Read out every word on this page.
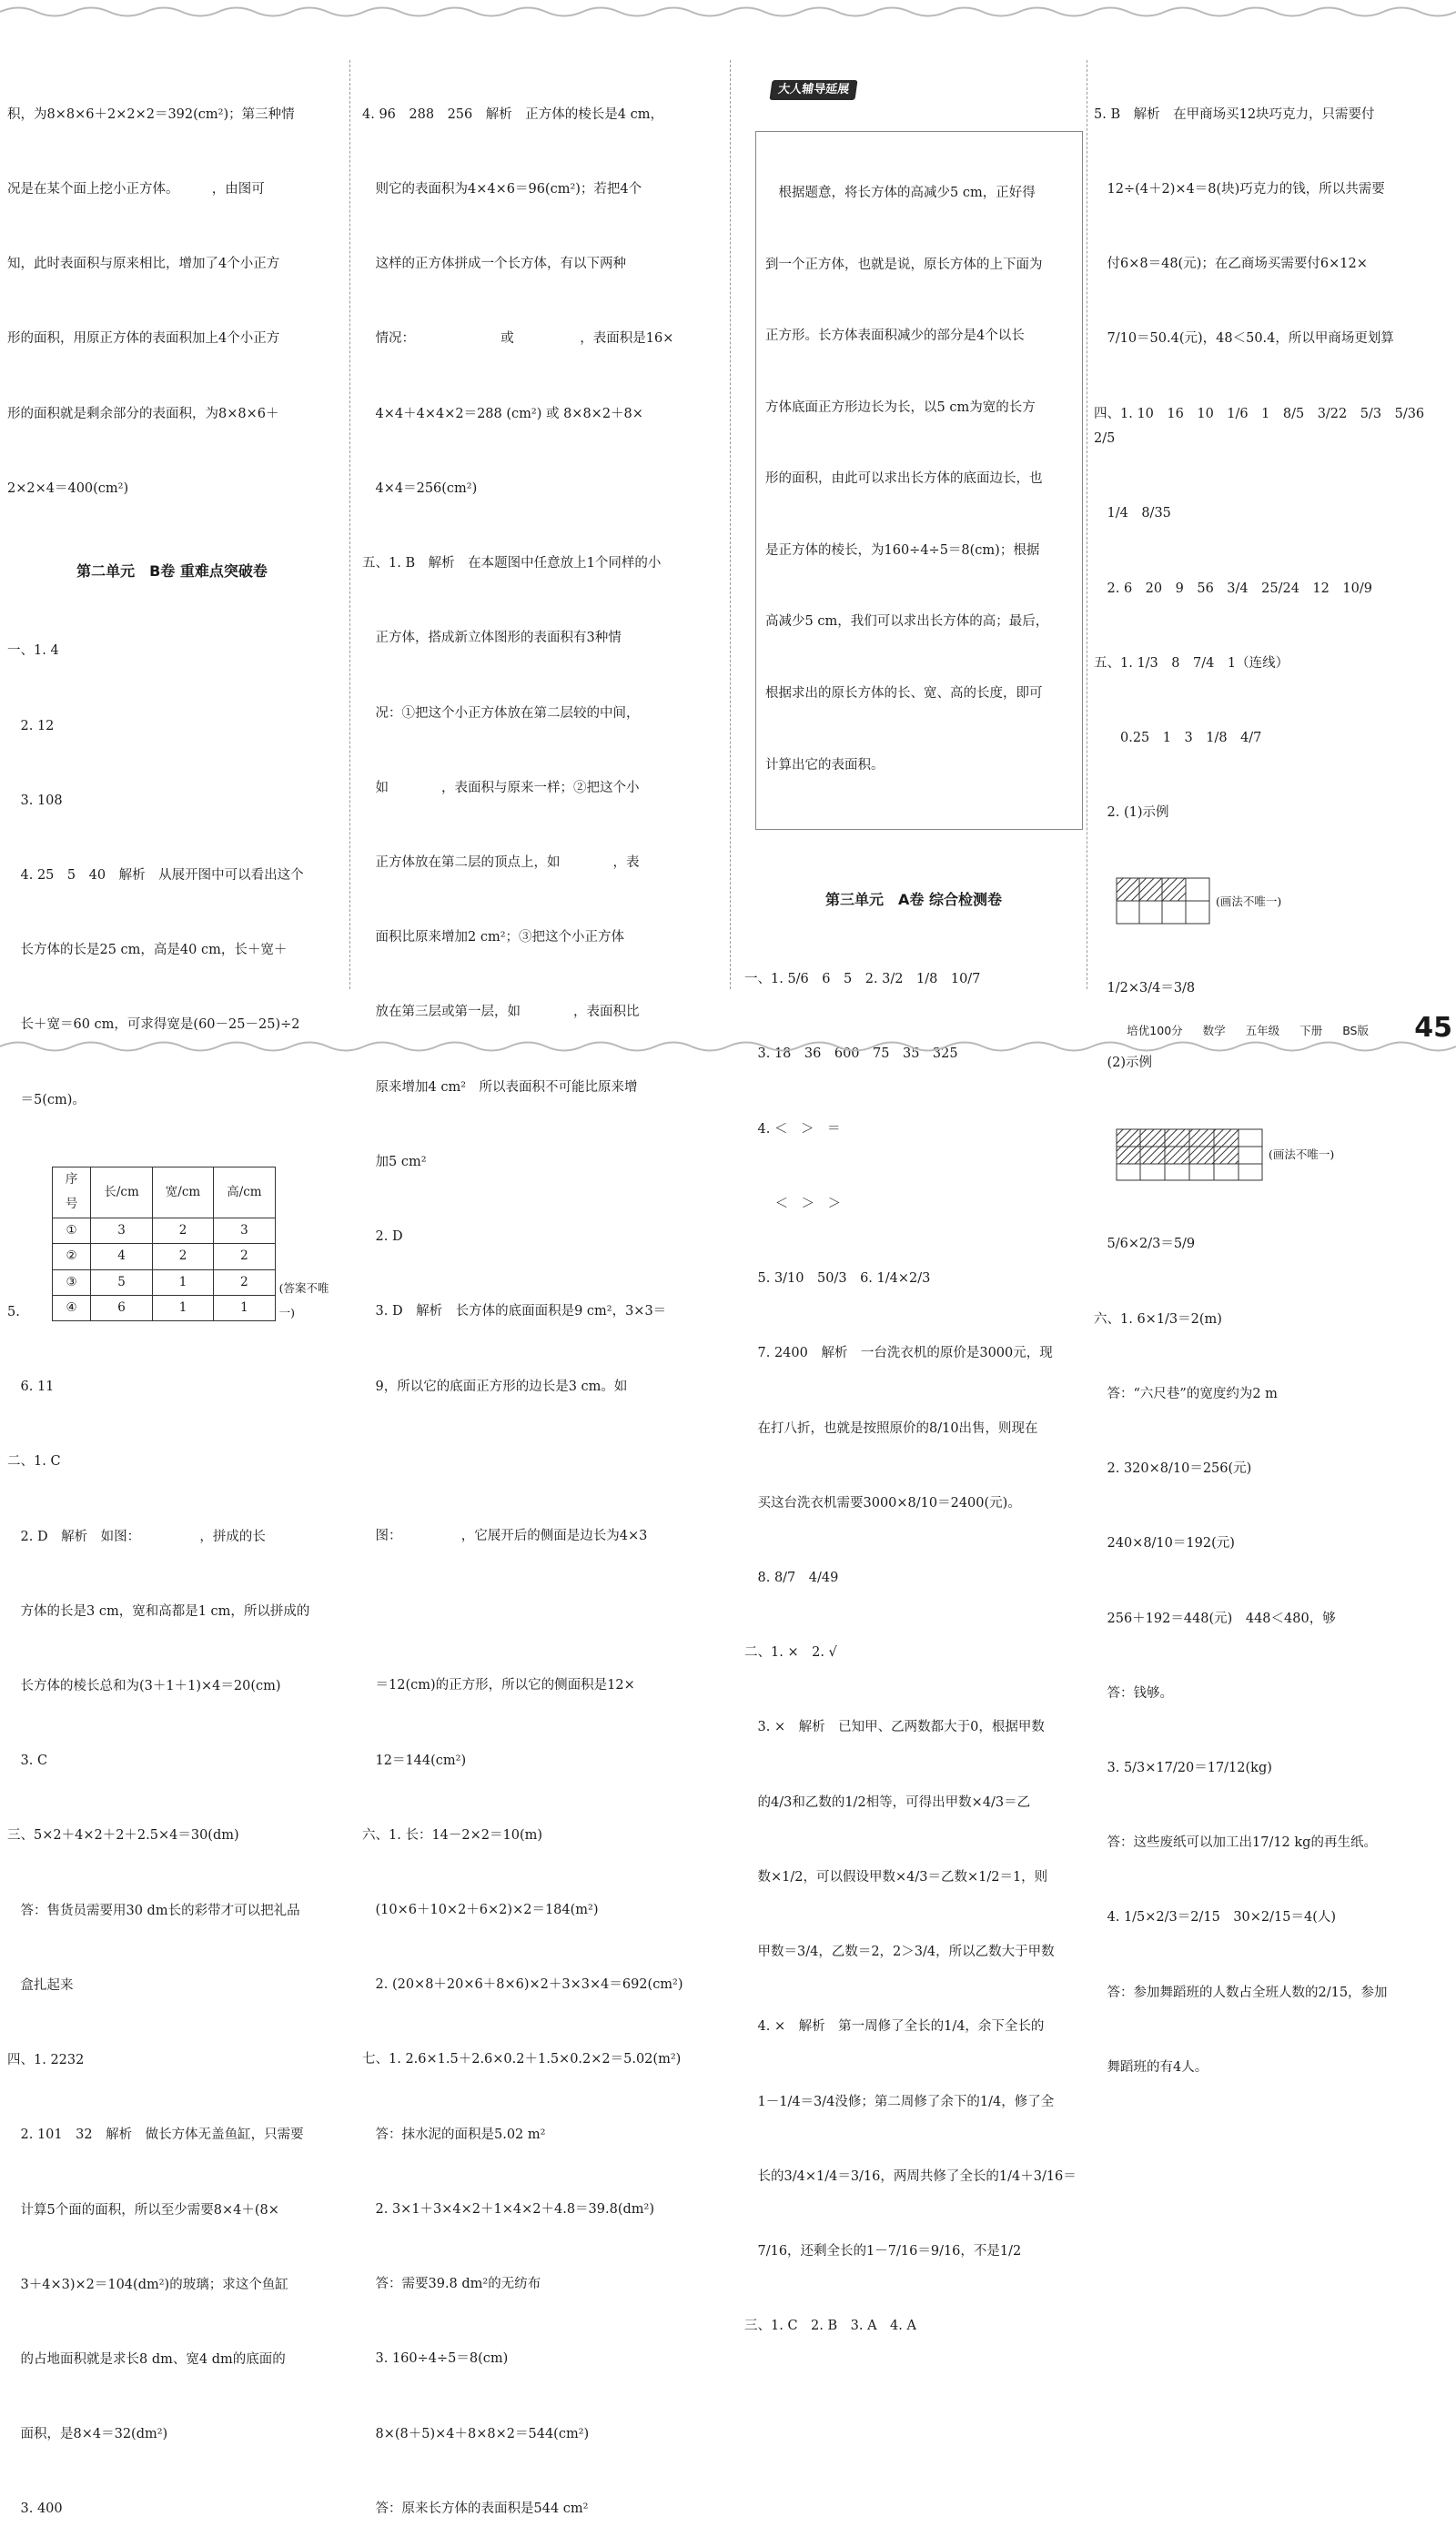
积，为8×8×6＋2×2×2＝392(cm²)；第三种情

况是在某个面上挖小正方体。　　　，由图可

知，此时表面积与原来相比，增加了4个小正方

形的面积，用原正方体的表面积加上4个小正方

形的面积就是剩余部分的表面积，为8×8×6＋

2×2×4＝400(cm²)

第二单元　B卷 重难点突破卷

一、1. 4

　2. 12

　3. 108

　4. 25　5　40　解析　从展开图中可以看出这个

　长方体的长是25 cm，高是40 cm，长＋宽＋

　长＋宽＝60 cm，可求得宽是(60－25－25)÷2

　＝5(cm)。

　5.
序号	长/cm	宽/cm	高/cm
①	3	2	3
②	4	2	2
③	5	1	2
④	6	1	1
(答案不唯一)

　6. 11

二、1. C

　2. D　解析　如图：　　　　　，拼成的长

　方体的长是3 cm，宽和高都是1 cm，所以拼成的

　长方体的棱长总和为(3＋1＋1)×4＝20(cm)

　3. C

三、5×2＋4×2＋2＋2.5×4＝30(dm)

　答：售货员需要用30 dm长的彩带才可以把礼品

　盒扎起来

四、1. 2232

　2. 101　32　解析　做长方体无盖鱼缸，只需要

　计算5个面的面积，所以至少需要8×4＋(8×

　3＋4×3)×2＝104(dm²)的玻璃；求这个鱼缸

　的占地面积就是求长8 dm、宽4 dm的底面的

　面积，是8×4＝32(dm²)

　3. 400

4. 96　288　256　解析　正方体的棱长是4 cm，

　则它的表面积为4×4×6＝96(cm²)；若把4个

　这样的正方体拼成一个长方体，有以下两种

　情况：　　　　　　　或　　　　　，表面积是16×

　4×4＋4×4×2＝288 (cm²) 或 8×8×2＋8×

　4×4＝256(cm²)

五、1. B　解析　在本题图中任意放上1个同样的小

　正方体，搭成新立体图形的表面积有3种情

　况：①把这个小正方体放在第二层较的中间，

　如　　　　，表面积与原来一样；②把这个小

　正方体放在第二层的顶点上，如　　　　，表

　面积比原来增加2 cm²；③把这个小正方体

　放在第三层或第一层，如　　　　，表面积比

　原来增加4 cm²　所以表面积不可能比原来增

　加5 cm²

　2. D

　3. D　解析　长方体的底面面积是9 cm²，3×3＝

　9，所以它的底面正方形的边长是3 cm。如

　图：　　　　　，它展开后的侧面是边长为4×3

　＝12(cm)的正方形，所以它的侧面积是12×

　12＝144(cm²)

六、1. 长：14－2×2＝10(m)

　(10×6＋10×2＋6×2)×2＝184(m²)

　2. (20×8＋20×6＋8×6)×2＋3×3×4＝692(cm²)

七、1. 2.6×1.5＋2.6×0.2＋1.5×0.2×2＝5.02(m²)

　答：抹水泥的面积是5.02 m²

　2. 3×1＋3×4×2＋1×4×2＋4.8＝39.8(dm²)

　答：需要39.8 dm²的无纺布

　3. 160÷4÷5＝8(cm)

　8×(8＋5)×4＋8×8×2＝544(cm²)

　答：原来长方体的表面积是544 cm²

大人辅导延展

　根据题意，将长方体的高减少5 cm，正好得

到一个正方体，也就是说，原长方体的上下面为

正方形。长方体表面积减少的部分是4个以长

方体底面正方形边长为长，以5 cm为宽的长方

形的面积，由此可以求出长方体的底面边长，也

是正方体的棱长，为160÷4÷5＝8(cm)；根据

高减少5 cm，我们可以求出长方体的高；最后，

根据求出的原长方体的长、宽、高的长度，即可

计算出它的表面积。

第三单元　A卷 综合检测卷

一、1. 5/6　6　5　2. 3/2　1/8　10/7

　3. 18　36　600　75　35　325

　4. ＜　＞　＝

　　 ＜　＞　＞

　5. 3/10　50/3　6. 1/4×2/3

　7. 2400　解析　一台洗衣机的原价是3000元，现

　在打八折，也就是按照原价的8/10出售，则现在

　买这台洗衣机需要3000×8/10＝2400(元)。

　8. 8/7　4/49

二、1. ×　2. √

　3. ×　解析　已知甲、乙两数都大于0，根据甲数

　的4/3和乙数的1/2相等，可得出甲数×4/3＝乙

　数×1/2，可以假设甲数×4/3＝乙数×1/2＝1，则

　甲数＝3/4，乙数＝2，2＞3/4，所以乙数大于甲数

　4. ×　解析　第一周修了全长的1/4，余下全长的

　1－1/4＝3/4没修；第二周修了余下的1/4，修了全

　长的3/4×1/4＝3/16，两周共修了全长的1/4＋3/16＝

　7/16，还剩全长的1－7/16＝9/16，不是1/2

三、1. C　2. B　3. A　4. A

5. B　解析　在甲商场买12块巧克力，只需要付

　12÷(4＋2)×4＝8(块)巧克力的钱，所以共需要

　付6×8＝48(元)；在乙商场买需要付6×12×

　7/10＝50.4(元)，48＜50.4，所以甲商场更划算

四、1. 10　16　10　1/6　1　8/5　3/22　5/3　5/36　2/5

　1/4　8/35

　2. 6　20　9　56　3/4　25/24　12　10/9

五、1. 1/3　8　7/4　1（连线）

　　0.25　1　3　1/8　4/7

　2. (1)示例

(画法不唯一)

　1/2×3/4＝3/8

　(2)示例

(画法不唯一)

　5/6×2/3＝5/9

六、1. 6×1/3＝2(m)

　答：“六尺巷”的宽度约为2 m

　2. 320×8/10＝256(元)

　240×8/10＝192(元)

　256＋192＝448(元)　448＜480，够

　答：钱够。

　3. 5/3×17/20＝17/12(kg)

　答：这些废纸可以加工出17/12 kg的再生纸。

　4. 1/5×2/3＝2/15　30×2/15＝4(人)

　答：参加舞蹈班的人数占全班人数的2/15，参加

　舞蹈班的有4人。

培优100分 数学 五年级 下册 BS版 45
